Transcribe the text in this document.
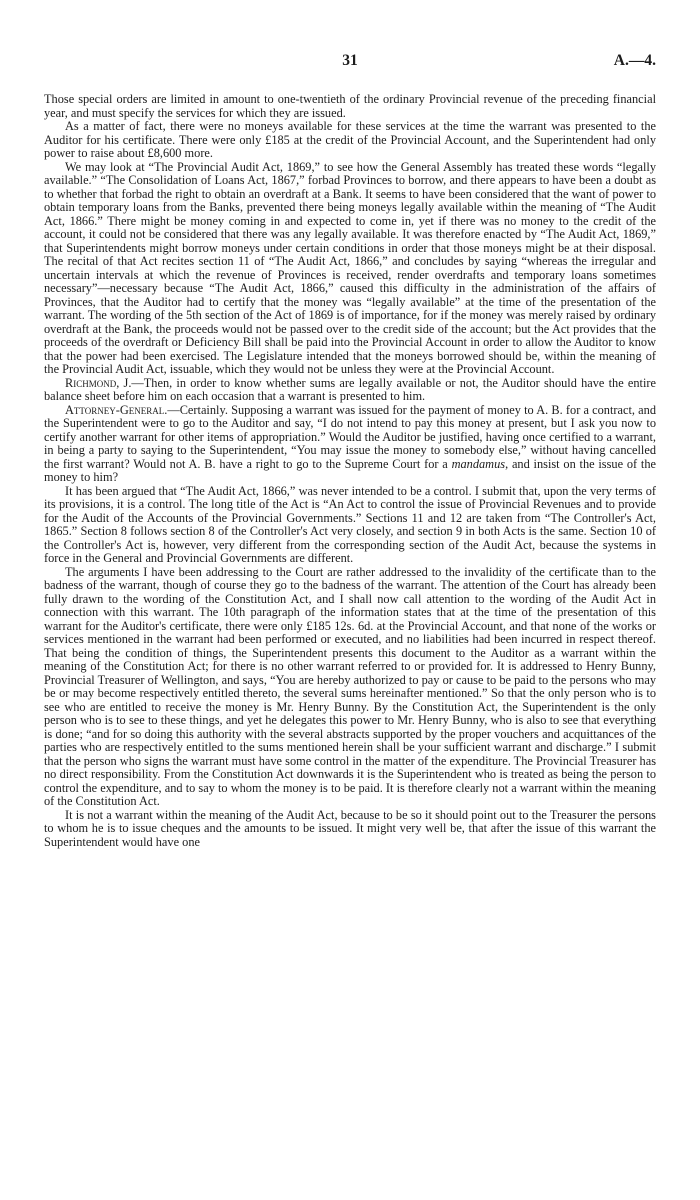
31	A.—4.

Those special orders are limited in amount to one-twentieth of the ordinary Provincial revenue of the preceding financial year, and must specify the services for which they are issued.

As a matter of fact, there were no moneys available for these services at the time the warrant was presented to the Auditor for his certificate. There were only £185 at the credit of the Provincial Account, and the Superintendent had only power to raise about £8,600 more.

We may look at “The Provincial Audit Act, 1869,” to see how the General Assembly has treated these words “legally available.” “The Consolidation of Loans Act, 1867,” forbad Provinces to borrow, and there appears to have been a doubt as to whether that forbad the right to obtain an overdraft at a Bank. It seems to have been considered that the want of power to obtain temporary loans from the Banks, prevented there being moneys legally available within the meaning of “The Audit Act, 1866.” There might be money coming in and expected to come in, yet if there was no money to the credit of the account, it could not be considered that there was any legally available. It was therefore enacted by “The Audit Act, 1869,” that Superintendents might borrow moneys under certain conditions in order that those moneys might be at their disposal. The recital of that Act recites section 11 of “The Audit Act, 1866,” and concludes by saying “whereas the irregular and uncertain intervals at which the revenue of Provinces is received, render overdrafts and temporary loans sometimes necessary”—necessary because “The Audit Act, 1866,” caused this difficulty in the administration of the affairs of Provinces, that the Auditor had to certify that the money was “legally available” at the time of the presentation of the warrant. The wording of the 5th section of the Act of 1869 is of importance, for if the money was merely raised by ordinary overdraft at the Bank, the proceeds would not be passed over to the credit side of the account; but the Act provides that the proceeds of the overdraft or Deficiency Bill shall be paid into the Provincial Account in order to allow the Auditor to know that the power had been exercised. The Legislature intended that the moneys borrowed should be, within the meaning of the Provincial Audit Act, issuable, which they would not be unless they were at the Provincial Account.

Richmond, J.—Then, in order to know whether sums are legally available or not, the Auditor should have the entire balance sheet before him on each occasion that a warrant is presented to him.

Attorney-General.—Certainly. Supposing a warrant was issued for the payment of money to A. B. for a contract, and the Superintendent were to go to the Auditor and say, “I do not intend to pay this money at present, but I ask you now to certify another warrant for other items of appropriation.” Would the Auditor be justified, having once certified to a warrant, in being a party to saying to the Superintendent, “You may issue the money to somebody else,” without having cancelled the first warrant? Would not A. B. have a right to go to the Supreme Court for a mandamus, and insist on the issue of the money to him?

It has been argued that “The Audit Act, 1866,” was never intended to be a control. I submit that, upon the very terms of its provisions, it is a control. The long title of the Act is “An Act to control the issue of Provincial Revenues and to provide for the Audit of the Accounts of the Provincial Governments.” Sections 11 and 12 are taken from “The Controller's Act, 1865.” Section 8 follows section 8 of the Controller's Act very closely, and section 9 in both Acts is the same. Section 10 of the Controller's Act is, however, very different from the corresponding section of the Audit Act, because the systems in force in the General and Provincial Governments are different.

The arguments I have been addressing to the Court are rather addressed to the invalidity of the certificate than to the badness of the warrant, though of course they go to the badness of the warrant. The attention of the Court has already been fully drawn to the wording of the Constitution Act, and I shall now call attention to the wording of the Audit Act in connection with this warrant. The 10th paragraph of the information states that at the time of the presentation of this warrant for the Auditor's certificate, there were only £185 12s. 6d. at the Provincial Account, and that none of the works or services mentioned in the warrant had been performed or executed, and no liabilities had been incurred in respect thereof. That being the condition of things, the Superintendent presents this document to the Auditor as a warrant within the meaning of the Constitution Act; for there is no other warrant referred to or provided for. It is addressed to Henry Bunny, Provincial Treasurer of Wellington, and says, “You are hereby authorized to pay or cause to be paid to the persons who may be or may become respectively entitled thereto, the several sums hereinafter mentioned.” So that the only person who is to see who are entitled to receive the money is Mr. Henry Bunny. By the Constitution Act, the Superintendent is the only person who is to see to these things, and yet he delegates this power to Mr. Henry Bunny, who is also to see that everything is done; “and for so doing this authority with the several abstracts supported by the proper vouchers and acquittances of the parties who are respectively entitled to the sums mentioned herein shall be your sufficient warrant and discharge.” I submit that the person who signs the warrant must have some control in the matter of the expenditure. The Provincial Treasurer has no direct responsibility. From the Constitution Act downwards it is the Superintendent who is treated as being the person to control the expenditure, and to say to whom the money is to be paid. It is therefore clearly not a warrant within the meaning of the Constitution Act.

It is not a warrant within the meaning of the Audit Act, because to be so it should point out to the Treasurer the persons to whom he is to issue cheques and the amounts to be issued. It might very well be, that after the issue of this warrant the Superintendent would have one
